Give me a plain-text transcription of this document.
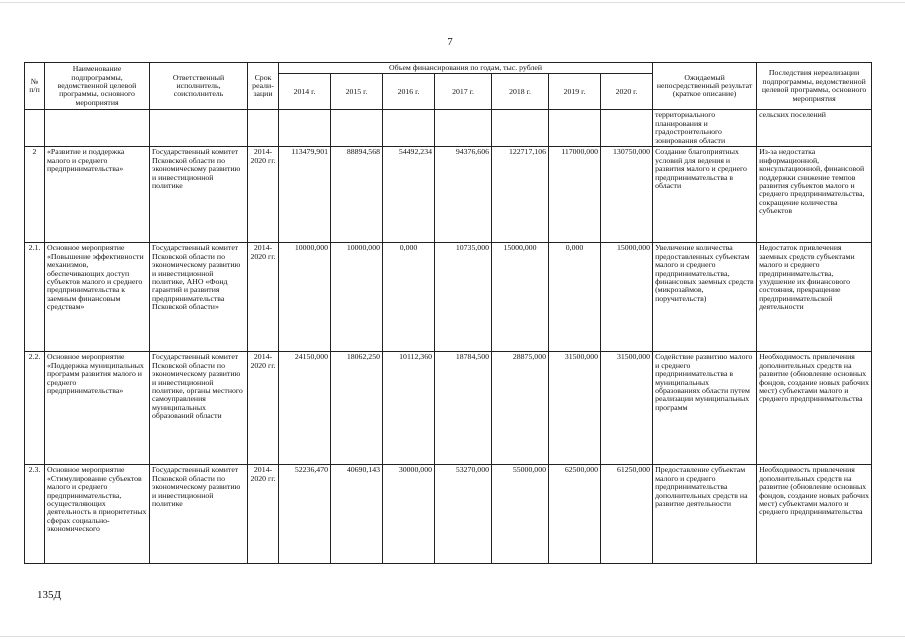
7
№ п/п	Наименование подпрограммы, ведомственной целевой программы, основного мероприятия	Ответственный исполнитель, соисполнитель	Срок реали-зации	Объем финансирования по годам, тыс. рублей							Ожидаемый непосредственный результат (краткое описание)	Последствия нереализации подпрограммы, ведомственной целевой программы, основного мероприятия
				2014 г.	2015 г.	2016 г.	2017 г.	2018 г.	2019 г.	2020 г.		
											территориального планирования и градостроительного зонирования области	сельских поселений
2	«Развитие и поддержка малого и среднего предпринимательства»	Государственный комитет Псковской области по экономическому развитию и инвестиционной политике	2014-2020 гг.	113479,901	88894,568	54492,234	94376,606	122717,106	117000,000	130750,000	Создание благоприятных условий для ведения и развития малого и среднего предпринимательства в области	Из-за недостатка информационной, консультационной, финансовой поддержки снижение темпов развития субъектов малого и среднего предпринимательства, сокращение количества субъектов
2.1.	Основное мероприятие «Повышение эффективности механизмов, обеспечивающих доступ субъектов малого и среднего предпринимательства к заемным финансовым средствам»	Государственный комитет Псковской области по экономическому развитию и инвестиционной политике, АНО «Фонд гарантий и развития предпринимательства Псковской области»	2014-2020 гг.	10000,000	10000,000	0,000	10735,000	15000,000	0,000	15000,000	Увеличение количества предоставленных субъектам малого и среднего предпринимательства, финансовых заемных средств (микрозаймов, поручительств)	Недостаток привлечения заемных средств субъектами малого и среднего предпринимательства, ухудшение их финансового состояния, прекращение предпринимательской деятельности
2.2.	Основное мероприятие «Поддержка муниципальных программ развития малого и среднего предпринимательства»	Государственный комитет Псковской области по экономическому развитию и инвестиционной политике, органы местного самоуправления муниципальных образований области	2014-2020 гг.	24150,000	18062,250	10112,360	18784,500	28875,000	31500,000	31500,000	Содействие развитию малого и среднего предпринимательства в муниципальных образованиях области путем реализации муниципальных программ	Необходимость привлечения дополнительных средств на развитие (обновление основных фондов, создание новых рабочих мест) субъектами малого и среднего предпринимательства
2.3.	Основное мероприятие «Стимулирование субъектов малого и среднего предпринимательства, осуществляющих деятельность в приоритетных сферах социально-экономического	Государственный комитет Псковской области по экономическому развитию и инвестиционной политике	2014-2020 гг.	52236,470	40690,143	30000,000	53270,000	55000,000	62500,000	61250,000	Предоставление субъектам малого и среднего предпринимательства дополнительных средств на развитие деятельности	Необходимость привлечения дополнительных средств на развитие (обновление основных фондов, создание новых рабочих мест) субъектами малого и среднего предпринимательства
135Д
